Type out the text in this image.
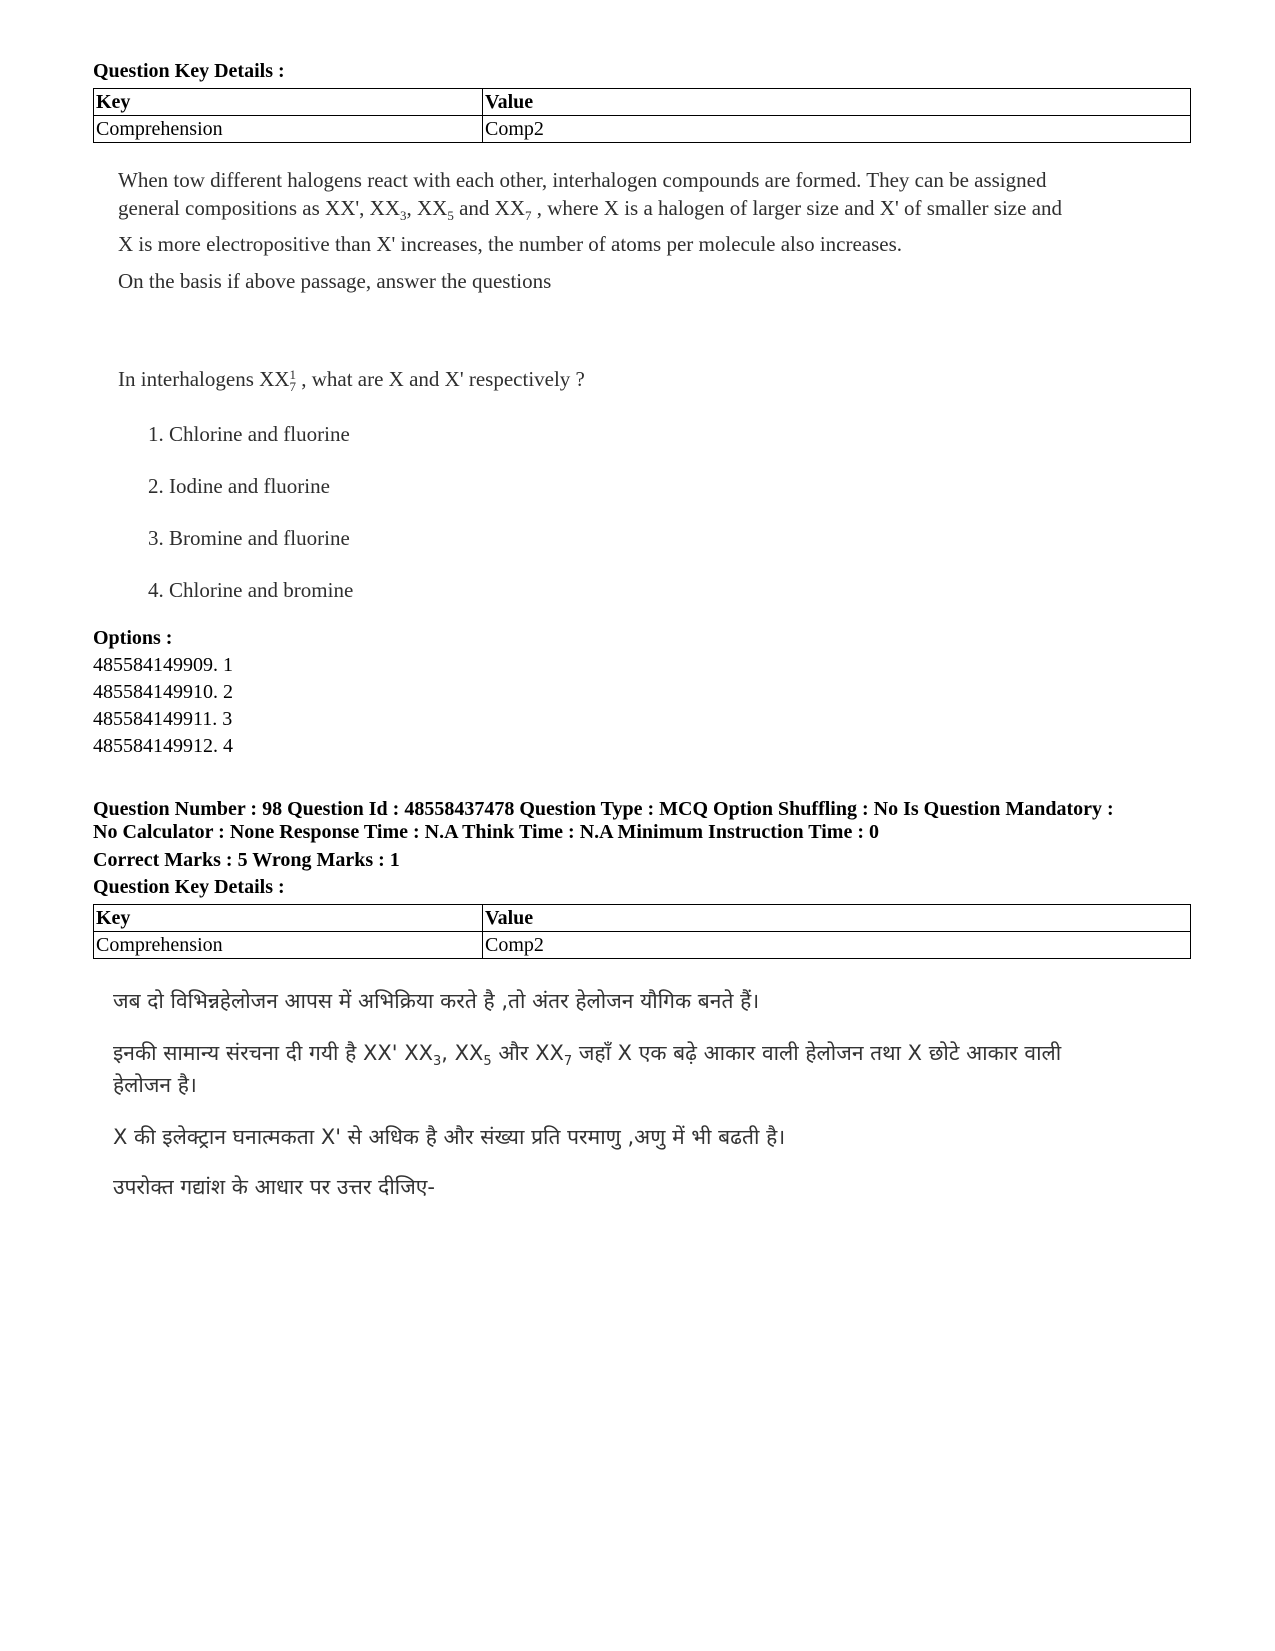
Question Key Details :
Key	Value
Comprehension	Comp2

When tow different halogens react with each other, interhalogen compounds are formed. They can be assigned

general compositions as XX', $XX_3$, $XX_5$ and $XX_7$ , where X is a halogen of larger size and X' of smaller size and

X is more electropositive than X' increases, the number of atoms per molecule also increases.

On the basis if above passage, answer the questions
In interhalogens XX 1
7 , what are X and X' respectively ?
1. Chlorine and fluorine
2. Iodine and fluorine
3. Bromine and fluorine
4. Chlorine and bromine
Options :
485584149909. 1
485584149910. 2
485584149911. 3
485584149912. 4
Question Number : 98 Question Id : 48558437478 Question Type : MCQ Option Shuffling : No Is Question Mandatory :
No Calculator : None Response Time : N.A Think Time : N.A Minimum Instruction Time : 0
Correct Marks : 5 Wrong Marks : 1
Question Key Details :
Key	Value
Comprehension	Comp2
जब दो विभिन्नहेलोजन आपस में अभिक्रिया करते है ,तो अंतर हेलोजन यौगिक बनते हैं।
इनकी सामान्य संरचना दी गयी है XX' $XX_3$, $XX_5$ और $XX_7$ जहाँ X एक बढ़े आकार वाली हेलोजन तथा X छोटे आकार वाली
हेलोजन है।
X की इलेक्ट्रान घनात्मकता X' से अधिक है और संख्या प्रति परमाणु ,अणु में भी बढती है।
उपरोक्त गद्यांश के आधार पर उत्तर दीजिए-
